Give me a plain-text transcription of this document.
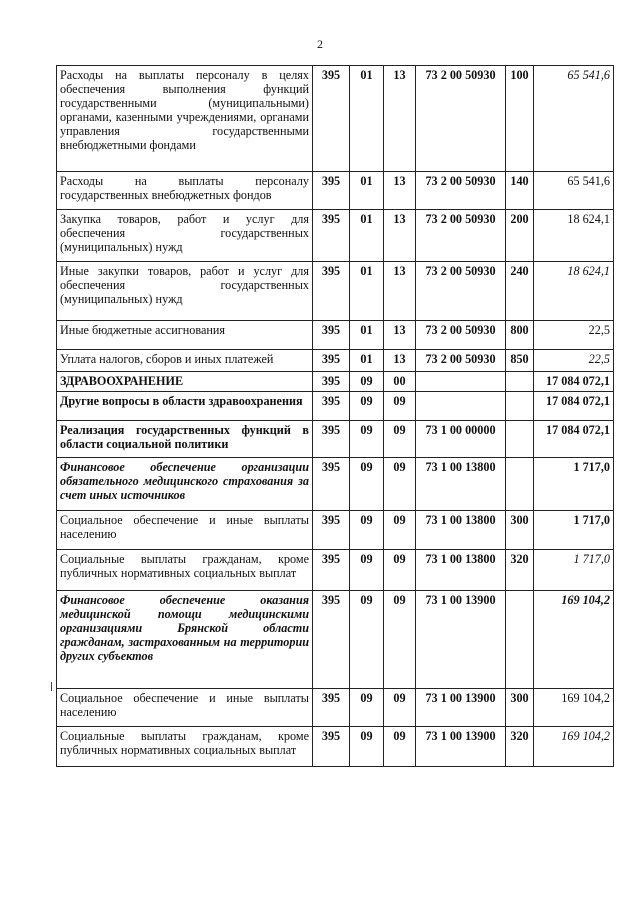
2
Расходы на выплаты персоналу в целях обеспечения выполнения функций государственными (муниципальными) органами, казенными учреждениями, органами управления государственными внебюджетными фондами	395	01	13	73 2 00 50930	100	65 541,6
Расходы на выплаты персоналу государственных внебюджетных фондов	395	01	13	73 2 00 50930	140	65 541,6
Закупка товаров, работ и услуг для обеспечения государственных (муниципальных) нужд	395	01	13	73 2 00 50930	200	18 624,1
Иные закупки товаров, работ и услуг для обеспечения государственных (муниципальных) нужд	395	01	13	73 2 00 50930	240	18 624,1
Иные бюджетные ассигнования	395	01	13	73 2 00 50930	800	22,5
Уплата налогов, сборов и иных платежей	395	01	13	73 2 00 50930	850	22,5
ЗДРАВООХРАНЕНИЕ	395	09	00			17 084 072,1
Другие вопросы в области здравоохранения	395	09	09			17 084 072,1
Реализация государственных функций в области социальной политики	395	09	09	73 1 00 00000		17 084 072,1
Финансовое обеспечение организации обязательного медицинского страхования за счет иных источников	395	09	09	73 1 00 13800		1 717,0
Социальное обеспечение и иные выплаты населению	395	09	09	73 1 00 13800	300	1 717,0
Социальные выплаты гражданам, кроме публичных нормативных социальных выплат	395	09	09	73 1 00 13800	320	1 717,0
Финансовое обеспечение оказания медицинской помощи медицинскими организациями Брянской области гражданам, застрахованным на территории других субъектов	395	09	09	73 1 00 13900		169 104,2
Социальное обеспечение и иные выплаты населению	395	09	09	73 1 00 13900	300	169 104,2
Социальные выплаты гражданам, кроме публичных нормативных социальных выплат	395	09	09	73 1 00 13900	320	169 104,2
